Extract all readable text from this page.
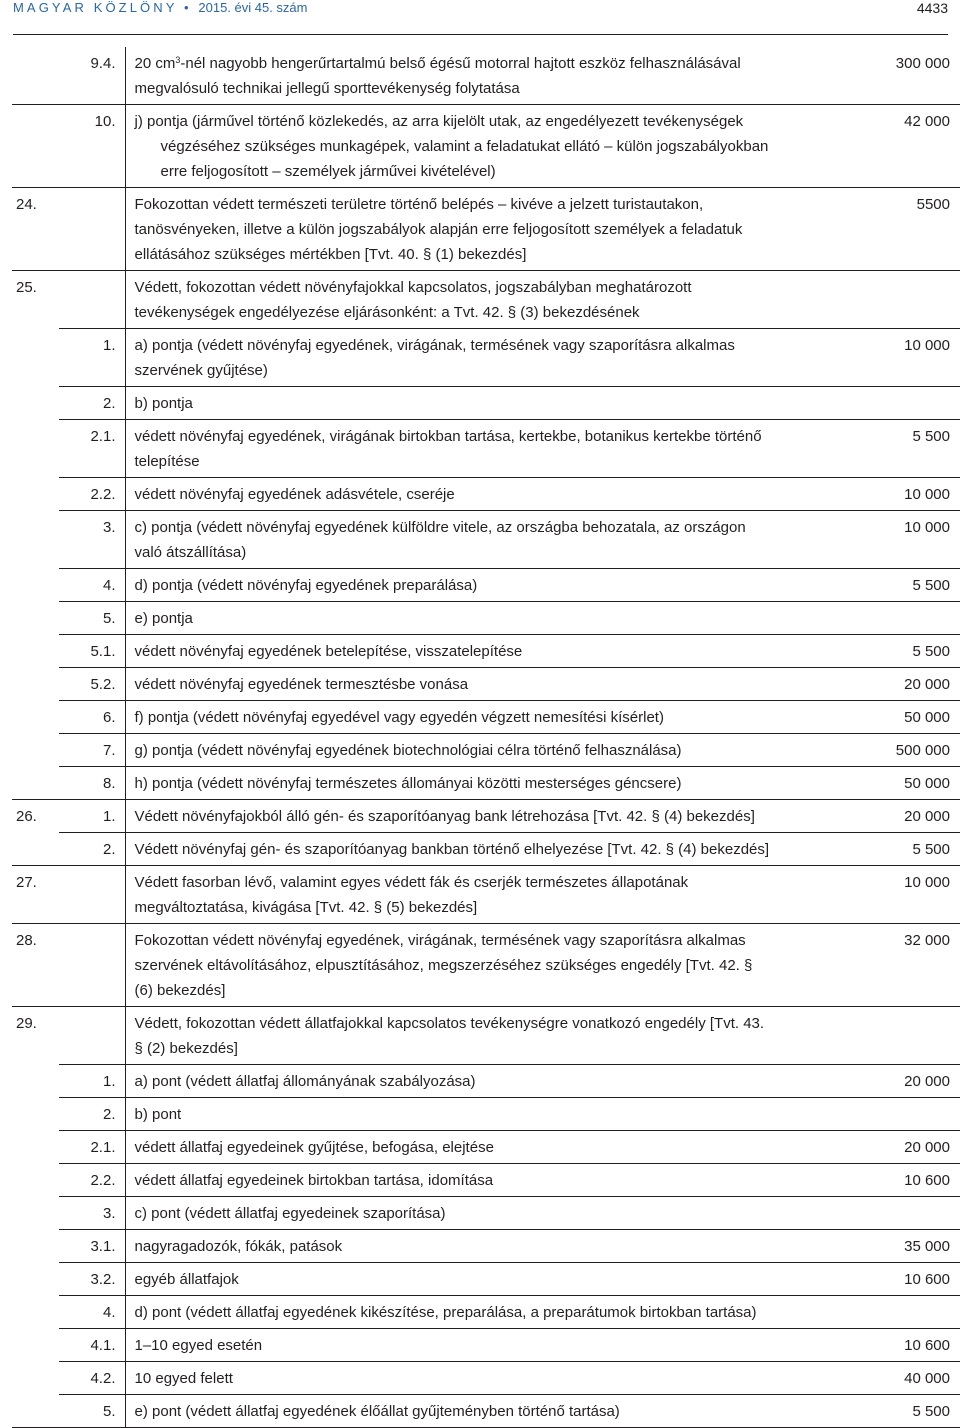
MAGYAR KÖZLÖNY • 2015. évi 45. szám	4433
	9.4.	20 $cm^3$-nél nagyobb hengerűrtartalmú belső égésű motorral hajtott eszköz felhasználásával megvalósuló technikai jellegű sporttevékenység folytatása	300 000
	10.	j) pontja (járművel történő közlekedés, az arra kijelölt utak, az engedélyezett tevékenységek végzéséhez szükséges munkagépek, valamint a feladatukat ellátó – külön jogszabályokban erre feljogosított – személyek járművei kivételével)	42 000
24.		Fokozottan védett természeti területre történő belépés – kivéve a jelzett turistautakon, tanösvényeken, illetve a külön jogszabályok alapján erre feljogosított személyek a feladatuk ellátásához szükséges mértékben [Tvt. 40. § (1) bekezdés]	5500
25.		Védett, fokozottan védett növényfajokkal kapcsolatos, jogszabályban meghatározott tevékenységek engedélyezése eljárásonként: a Tvt. 42. § (3) bekezdésének	

	1.	a) pontja (védett növényfaj egyedének, virágának, termésének vagy szaporításra alkalmas szervének gyűjtése)	10 000
	2.	b) pontja	

	2.1.	védett növényfaj egyedének, virágának birtokban tartása, kertekbe, botanikus kertekbe történő telepítése	5 500
	2.2.	védett növényfaj egyedének adásvétele, cseréje	10 000
	3.	c) pontja (védett növényfaj egyedének külföldre vitele, az országba behozatala, az országon való átszállítása)	10 000
	4.	d) pontja (védett növényfaj egyedének preparálása)	5 500
	5.	e) pontja	

	5.1.	védett növényfaj egyedének betelepítése, visszatelepítése	5 500
	5.2.	védett növényfaj egyedének termesztésbe vonása	20 000
	6.	f) pontja (védett növényfaj egyedével vagy egyedén végzett nemesítési kísérlet)	50 000
	7.	g) pontja (védett növényfaj egyedének biotechnológiai célra történő felhasználása)	500 000
	8.	h) pontja (védett növényfaj természetes állományai közötti mesterséges géncsere)	50 000
26.	1.	Védett növényfajokból álló gén- és szaporítóanyag bank létrehozása [Tvt. 42. § (4) bekezdés]	20 000
	2.	Védett növényfaj gén- és szaporítóanyag bankban történő elhelyezése [Tvt. 42. § (4) bekezdés]	5 500
27.		Védett fasorban lévő, valamint egyes védett fák és cserjék természetes állapotának megváltoztatása, kivágása [Tvt. 42. § (5) bekezdés]	10 000
28.		Fokozottan védett növényfaj egyedének, virágának, termésének vagy szaporításra alkalmas szervének eltávolításához, elpusztításához, megszerzéséhez szükséges engedély [Tvt. 42. § (6) bekezdés]	32 000
29.		Védett, fokozottan védett állatfajokkal kapcsolatos tevékenységre vonatkozó engedély [Tvt. 43. § (2) bekezdés]	

	1.	a) pont (védett állatfaj állományának szabályozása)	20 000
	2.	b) pont	

	2.1.	védett állatfaj egyedeinek gyűjtése, befogása, elejtése	20 000
	2.2.	védett állatfaj egyedeinek birtokban tartása, idomítása	10 600
	3.	c) pont (védett állatfaj egyedeinek szaporítása)	

	3.1.	nagyragadozók, fókák, patások	35 000
	3.2.	egyéb állatfajok	10 600
	4.	d) pont (védett állatfaj egyedének kikészítése, preparálása, a preparátumok birtokban tartása)	

	4.1.	1–10 egyed esetén	10 600
	4.2.	10 egyed felett	40 000
	5.	e) pont (védett állatfaj egyedének élőállat gyűjteményben történő tartása)	5 500
